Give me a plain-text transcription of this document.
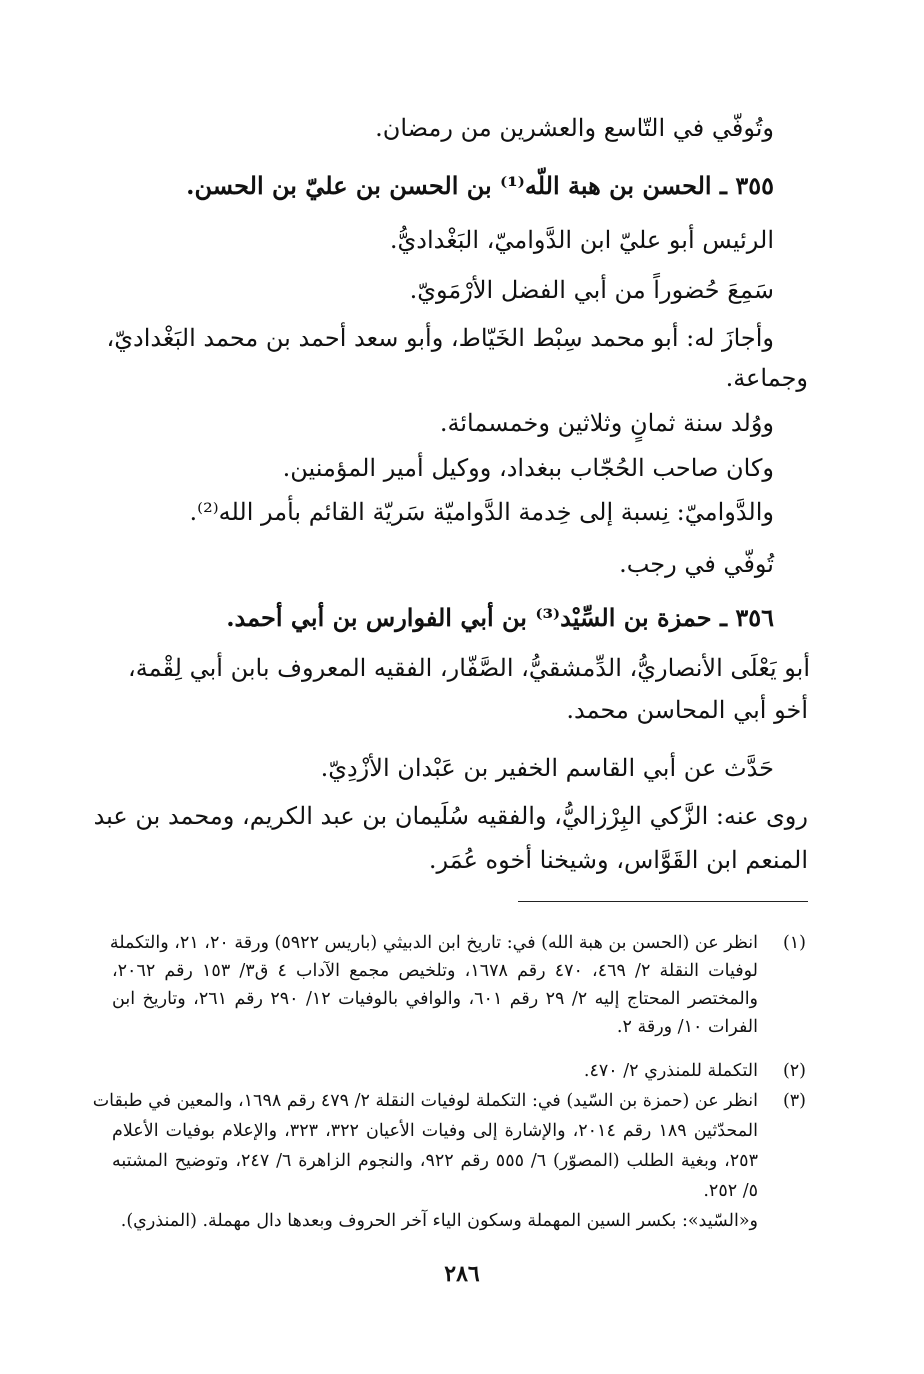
وتُوفّي في التّاسع والعشرين من رمضان.
٣٥٥ ـ الحسن بن هبة اللّه⁽¹⁾ بن الحسن بن عليّ بن الحسن.
الرئيس أبو عليّ ابن الدَّواميّ، البَغْداديُّ.
سَمِعَ حُضوراً من أبي الفضل الأرْمَويّ.
وأجازَ له: أبو محمد سِبْط الخَيّاط، وأبو سعد أحمد بن محمد البَغْداديّ،
وجماعة.
ووُلد سنة ثمانٍ وثلاثين وخمسمائة.
وكان صاحب الحُجّاب ببغداد، ووكيل أمير المؤمنين.
والدَّواميّ: نِسبة إلى خِدمة الدَّواميّة سَريّة القائم بأمر الله⁽²⁾.
تُوفّي في رجب.
٣٥٦ ـ حمزة بن السِّيْد⁽³⁾ بن أبي الفوارس بن أبي أحمد.
أبو يَعْلَى الأنصاريُّ، الدِّمشقيُّ، الصَّفّار، الفقيه المعروف بابن أبي لِقْمة،
أخو أبي المحاسن محمد.
حَدَّث عن أبي القاسم الخفير بن عَبْدان الأزْدِيّ.
روى عنه: الزَّكي البِرْزاليُّ، والفقيه سُلَيمان بن عبد الكريم، ومحمد بن عبد
المنعم ابن القَوَّاس، وشيخنا أخوه عُمَر.
(١)
انظر عن (الحسن بن هبة الله) في: تاريخ ابن الدبيثي (باريس ٥٩٢٢) ورقة ٢٠، ٢١، والتكملة
لوفيات النقلة ٢/ ٤٦٩، ٤٧٠ رقم ١٦٧٨، وتلخيص مجمع الآداب ٤ ق٣/ ١٥٣ رقم ٢٠٦٢،
والمختصر المحتاج إليه ٢/ ٢٩ رقم ٦٠١، والوافي بالوفيات ١٢/ ٢٩٠ رقم ٢٦١، وتاريخ ابن
الفرات ١٠/ ورقة ٢.
(٢)
التكملة للمنذري ٢/ ٤٧٠.
(٣)
انظر عن (حمزة بن السّيد) في: التكملة لوفيات النقلة ٢/ ٤٧٩ رقم ١٦٩٨، والمعين في طبقات
المحدّثين ١٨٩ رقم ٢٠١٤، والإشارة إلى وفيات الأعيان ٣٢٢، ٣٢٣، والإعلام بوفيات الأعلام
٢٥٣، وبغية الطلب (المصوّر) ٦/ ٥٥٥ رقم ٩٢٢، والنجوم الزاهرة ٦/ ٢٤٧، وتوضيح المشتبه
٥/ ٢٥٢.
و«السّيد»: بكسر السين المهملة وسكون الياء آخر الحروف وبعدها دال مهملة. (المنذري).
٢٨٦
